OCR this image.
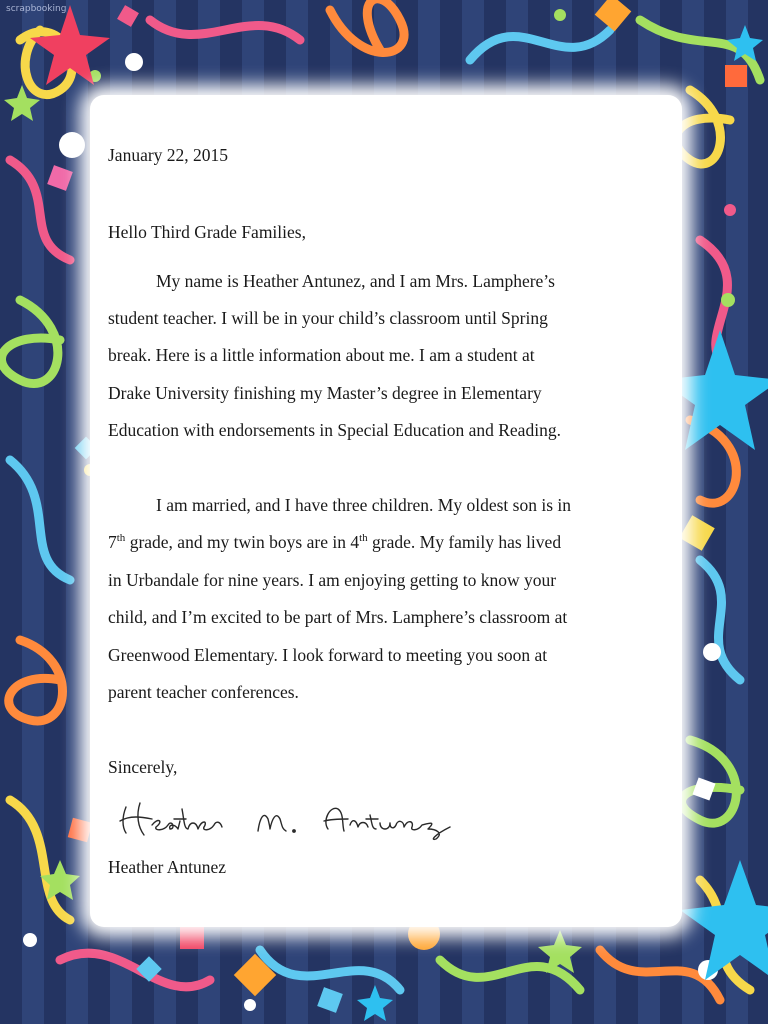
scrapbooking
January 22, 2015
Hello Third Grade Families,
My name is Heather Antunez, and I am Mrs. Lamphere’s
student teacher. I will be in your child’s classroom until Spring
break. Here is a little information about me. I am a student at
Drake University finishing my Master’s degree in Elementary
Education with endorsements in Special Education and Reading.
I am married, and I have three children. My oldest son is in
7th grade, and my twin boys are in 4th grade. My family has lived
in Urbandale for nine years. I am enjoying getting to know your
child, and I’m excited to be part of Mrs. Lamphere’s classroom at
Greenwood Elementary. I look forward to meeting you soon at
parent teacher conferences.
Sincerely,
Heather Antunez
